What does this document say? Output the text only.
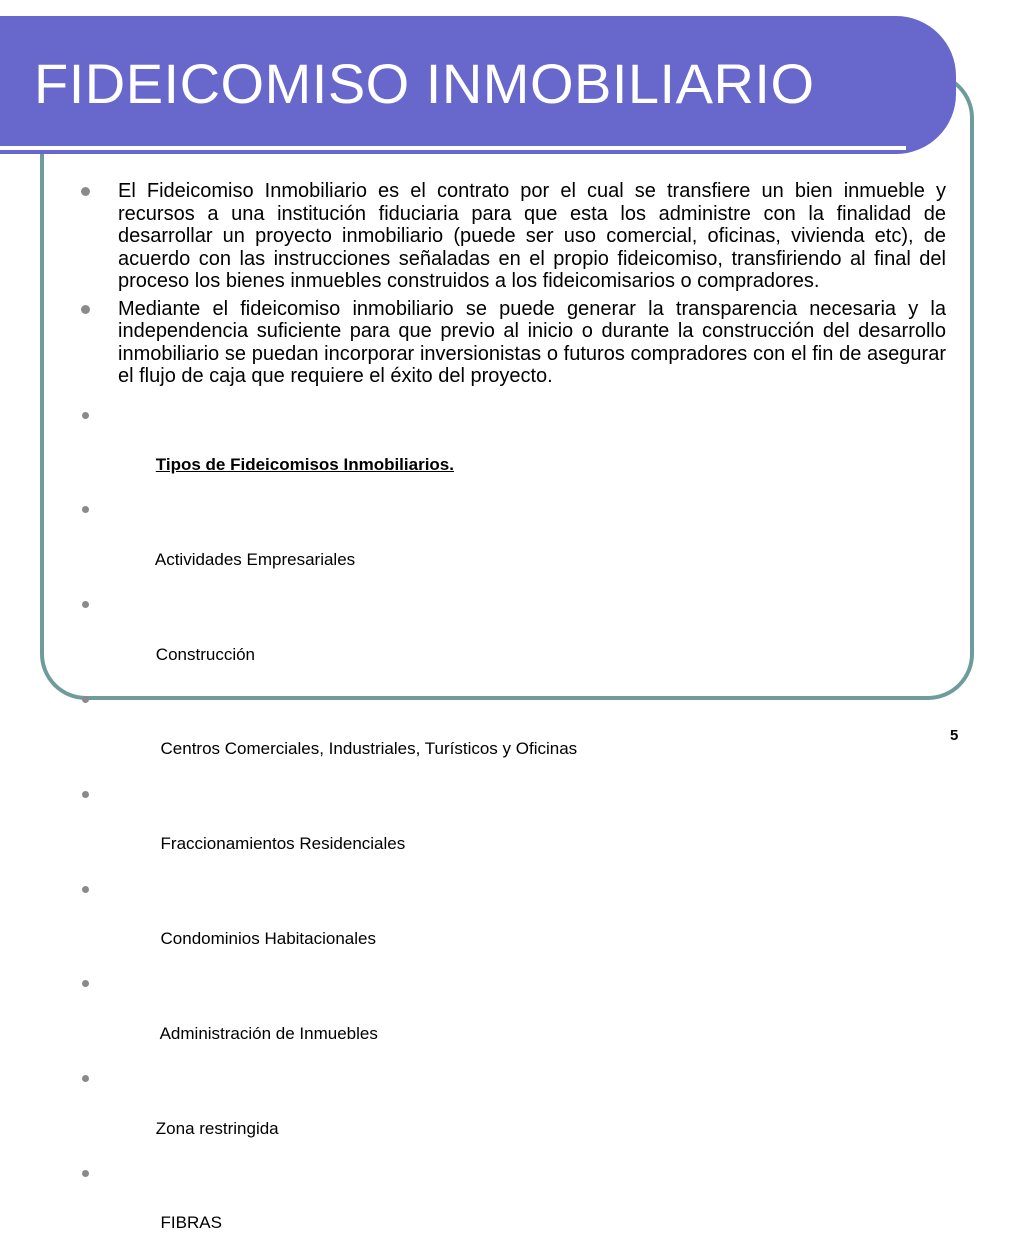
FIDEICOMISO INMOBILIARIO
El Fideicomiso Inmobiliario es el contrato por el cual se transfiere un bien inmueble y recursos a una institución fiduciaria para que esta los administre con la finalidad de desarrollar un proyecto inmobiliario (puede ser uso comercial, oficinas, vivienda etc), de acuerdo con las instrucciones señaladas en el propio fideicomiso, transfiriendo al final del proceso los bienes inmuebles construidos a los fideicomisarios o compradores.
Mediante el fideicomiso inmobiliario se puede generar la transparencia necesaria y la independencia suficiente para que previo al inicio o durante la construcción del desarrollo inmobiliario se puedan incorporar inversionistas o futuros compradores con el fin de asegurar el flujo de caja que requiere el éxito del proyecto.

Tipos de Fideicomisos Inmobiliarios.

Actividades Empresariales

Construcción

Centros Comerciales, Industriales, Turísticos y Oficinas

Fraccionamientos Residenciales

Condominios Habitacionales

Administración de Inmuebles

Zona restringida

FIBRAS

5
